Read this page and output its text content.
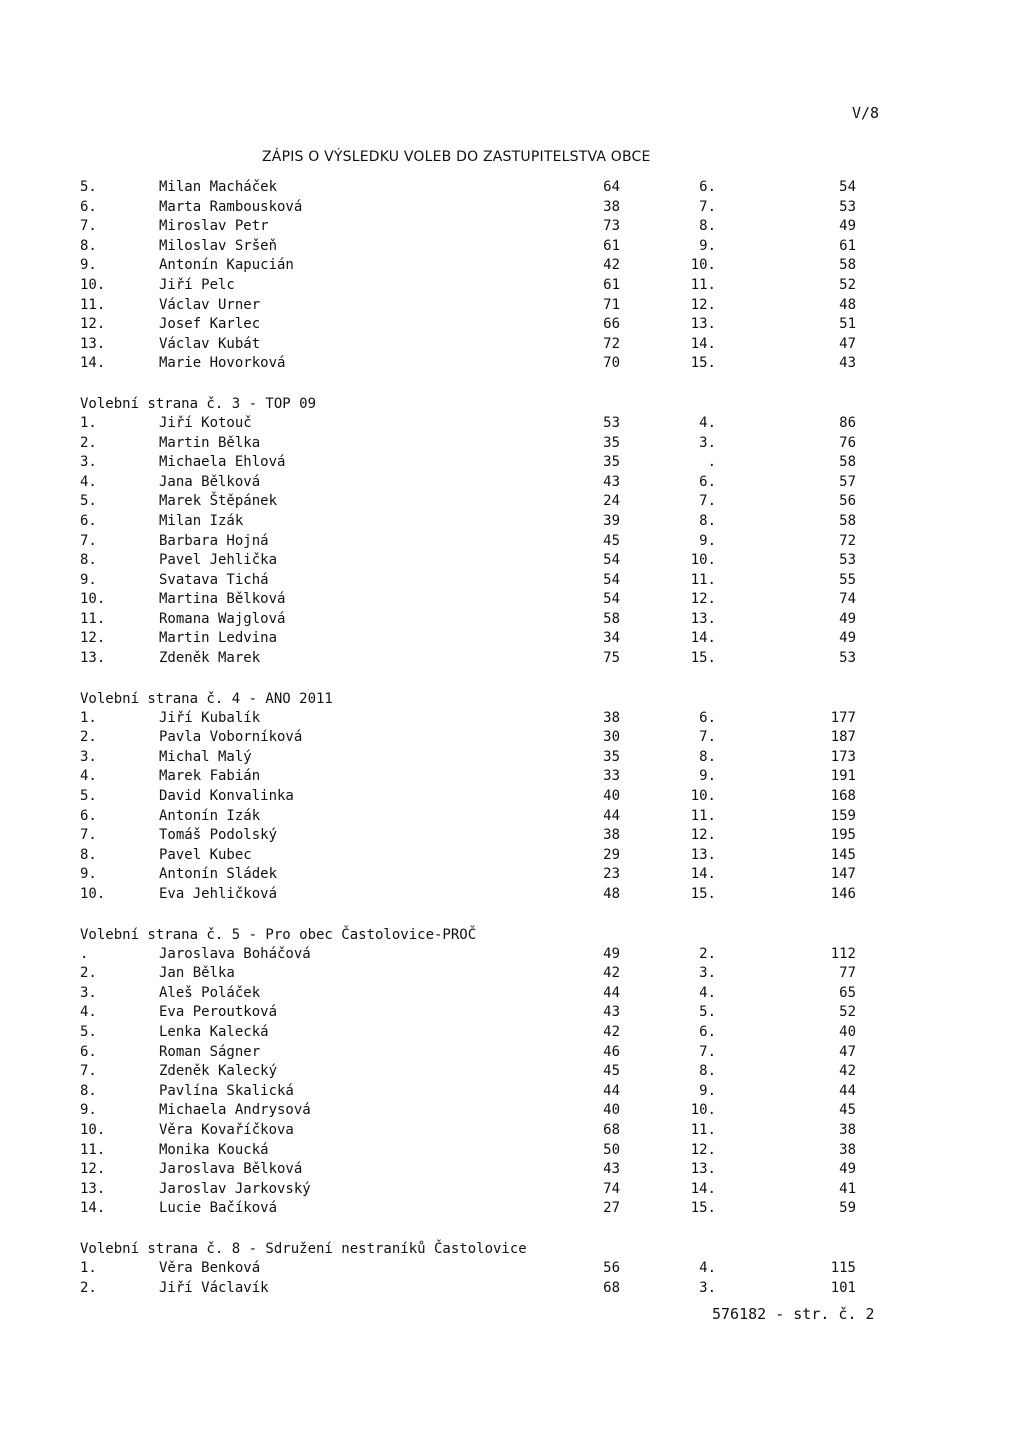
V/8
ZÁPIS O VÝSLEDKU VOLEB DO ZASTUPITELSTVA OBCE
5.	Milan Macháček	64	6.	54
6.	Marta Rambousková	38	7.	53
7.	Miroslav Petr	73	8.	49
8.	Miloslav Sršeň	61	9.	61
9.	Antonín Kapucián	42	10.	58
10.	Jiří Pelc	61	11.	52
11.	Václav Urner	71	12.	48
12.	Josef Karlec	66	13.	51
13.	Václav Kubát	72	14.	47
14.	Marie Hovorková	70	15.	43
Volební strana č. 3 - TOP 09
1.	Jiří Kotouč	53	4.	86
2.	Martin Bělka	35	3.	76
3.	Michaela Ehlová	35	.	58
4.	Jana Bělková	43	6.	57
5.	Marek Štěpánek	24	7.	56
6.	Milan Izák	39	8.	58
7.	Barbara Hojná	45	9.	72
8.	Pavel Jehlička	54	10.	53
9.	Svatava Tichá	54	11.	55
10.	Martina Bělková	54	12.	74
11.	Romana Wajglová	58	13.	49
12.	Martin Ledvina	34	14.	49
13.	Zdeněk Marek	75	15.	53
Volební strana č. 4 - ANO 2011
1.	Jiří Kubalík	38	6.	177
2.	Pavla Voborníková	30	7.	187
3.	Michal Malý	35	8.	173
4.	Marek Fabián	33	9.	191
5.	David Konvalinka	40	10.	168
6.	Antonín Izák	44	11.	159
7.	Tomáš Podolský	38	12.	195
8.	Pavel Kubec	29	13.	145
9.	Antonín Sládek	23	14.	147
10.	Eva Jehličková	48	15.	146
Volební strana č. 5 - Pro obec Častolovice-PROČ
.	Jaroslava Boháčová	49	2.	112
2.	Jan Bělka	42	3.	77
3.	Aleš Poláček	44	4.	65
4.	Eva Peroutková	43	5.	52
5.	Lenka Kalecká	42	6.	40
6.	Roman Ságner	46	7.	47
7.	Zdeněk Kalecký	45	8.	42
8.	Pavlína Skalická	44	9.	44
9.	Michaela Andrysová	40	10.	45
10.	Věra Kovaříčkova	68	11.	38
11.	Monika Koucká	50	12.	38
12.	Jaroslava Bělková	43	13.	49
13.	Jaroslav Jarkovský	74	14.	41
14.	Lucie Bačíková	27	15.	59
Volební strana č. 8 - Sdružení nestraníků Častolovice
1.	Věra Benková	56	4.	115
2.	Jiří Václavík	68	3.	101
576182 - str. č. 2
